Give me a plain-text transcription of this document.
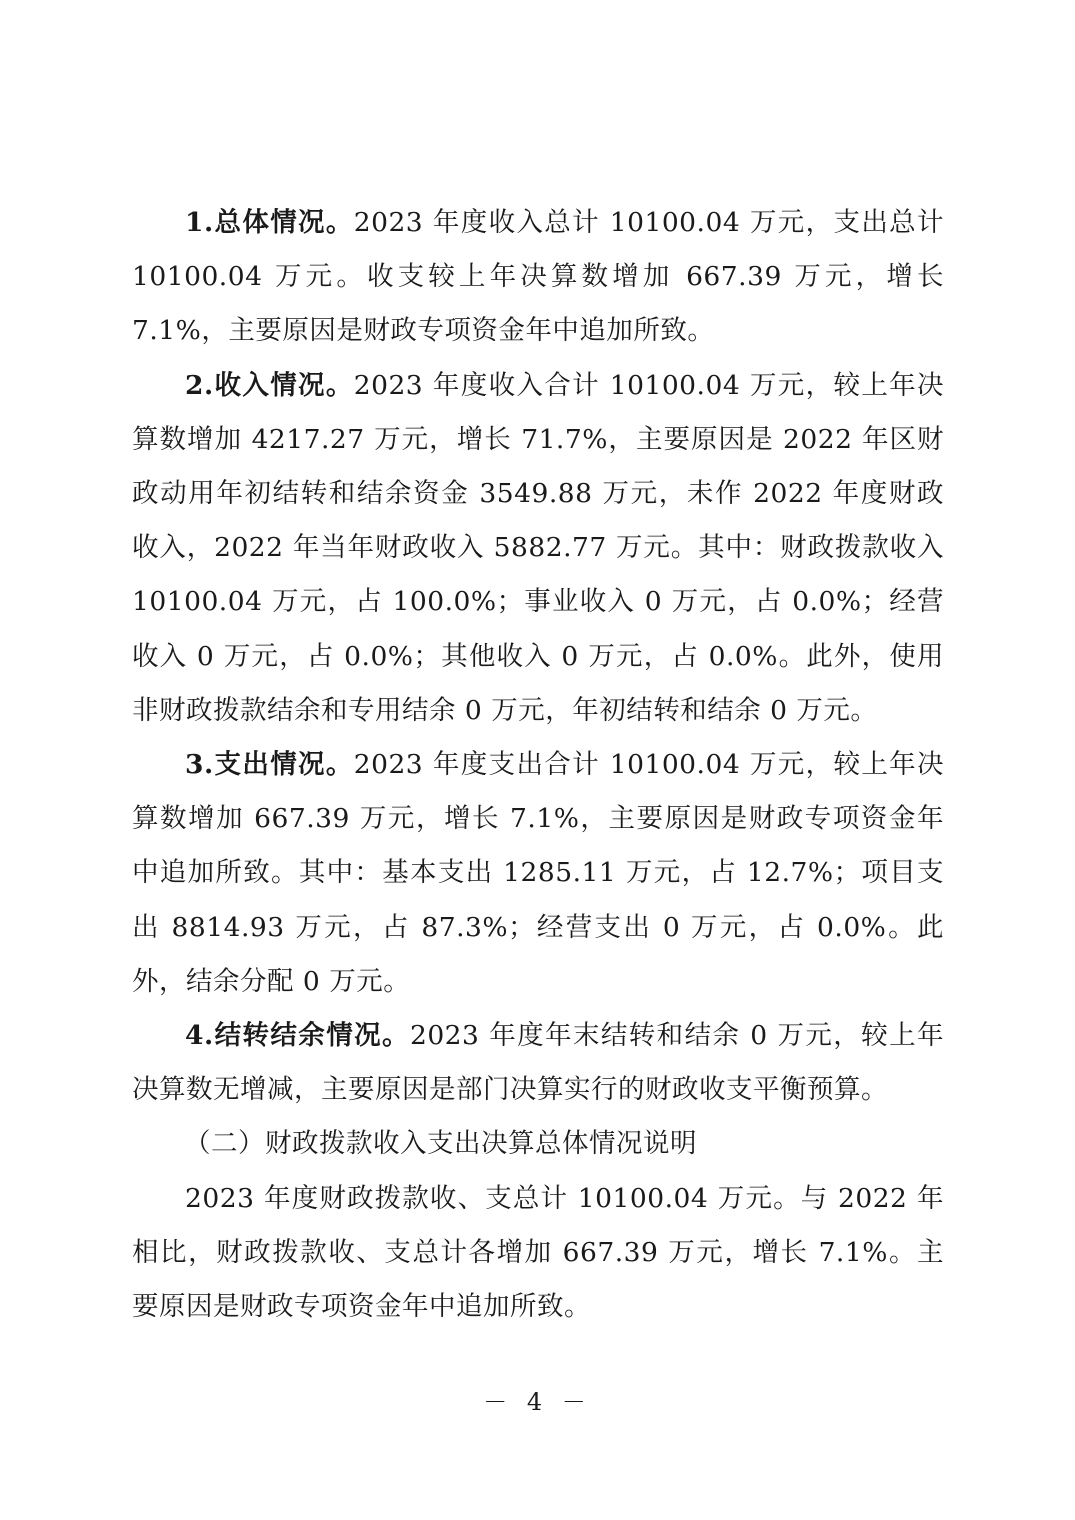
1.总体情况。2023 年度收入总计 10100.04 万元，支出总计 10100.04 万元。收支较上年决算数增加 667.39 万元，增长 7.1%，主要原因是财政专项资金年中追加所致。

2.收入情况。2023 年度收入合计 10100.04 万元，较上年决算数增加 4217.27 万元，增长 71.7%，主要原因是 2022 年区财政动用年初结转和结余资金 3549.88 万元，未作 2022 年度财政收入，2022 年当年财政收入 5882.77 万元。其中：财政拨款收入 10100.04 万元，占 100.0%；事业收入 0 万元，占 0.0%；经营收入 0 万元，占 0.0%；其他收入 0 万元，占 0.0%。此外，使用非财政拨款结余和专用结余 0 万元，年初结转和结余 0 万元。

3.支出情况。2023 年度支出合计 10100.04 万元，较上年决算数增加 667.39 万元，增长 7.1%，主要原因是财政专项资金年中追加所致。其中：基本支出 1285.11 万元，占 12.7%；项目支出 8814.93 万元，占 87.3%；经营支出 0 万元，占 0.0%。此外，结余分配 0 万元。

4.结转结余情况。2023 年度年末结转和结余 0 万元，较上年决算数无增减，主要原因是部门决算实行的财政收支平衡预算。

（二）财政拨款收入支出决算总体情况说明

2023 年度财政拨款收、支总计 10100.04 万元。与 2022 年相比，财政拨款收、支总计各增加 667.39 万元，增长 7.1%。主要原因是财政专项资金年中追加所致。

－ 4 －
